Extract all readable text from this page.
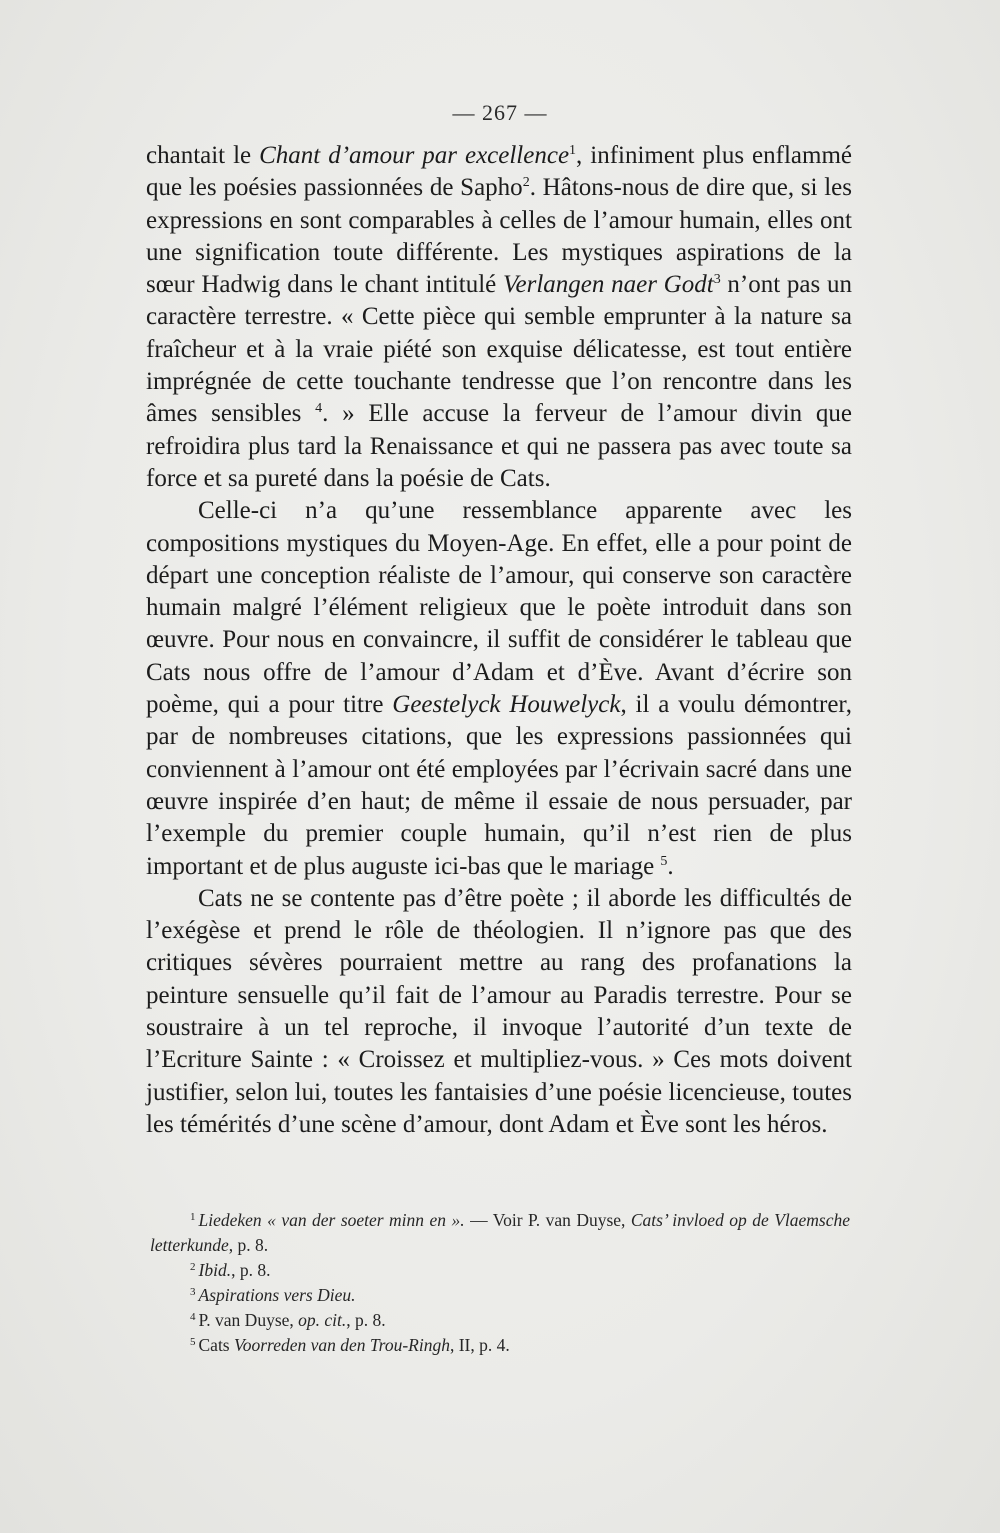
— 267 —

chantait le Chant d’amour par excellence$^1$, infiniment plus enflammé que les poésies passionnées de Sapho$^2$. Hâtons-nous de dire que, si les expressions en sont comparables à celles de l’amour humain, elles ont une signification toute différente. Les mystiques aspirations de la sœur Hadwig dans le chant intitulé Verlangen naer Godt$^3$ n’ont pas un caractère terrestre. « Cette pièce qui semble emprunter à la nature sa fraîcheur et à la vraie piété son exquise délicatesse, est tout entière imprégnée de cette touchante tendresse que l’on rencontre dans les âmes sensibles $^4$. » Elle accuse la ferveur de l’amour divin que refroidira plus tard la Renaissance et qui ne passera pas avec toute sa force et sa pureté dans la poésie de Cats.

Celle-ci n’a qu’une ressemblance apparente avec les compositions mystiques du Moyen-Age. En effet, elle a pour point de départ une conception réaliste de l’amour, qui conserve son caractère humain malgré l’élément religieux que le poète introduit dans son œuvre. Pour nous en convaincre, il suffit de considérer le tableau que Cats nous offre de l’amour d’Adam et d’Ève. Avant d’écrire son poème, qui a pour titre Geestelyck Houwelyck, il a voulu démontrer, par de nombreuses citations, que les expressions passionnées qui conviennent à l’amour ont été employées par l’écrivain sacré dans une œuvre inspirée d’en haut; de même il essaie de nous persuader, par l’exemple du premier couple humain, qu’il n’est rien de plus important et de plus auguste ici-bas que le mariage $^5$.

Cats ne se contente pas d’être poète ; il aborde les difficultés de l’exégèse et prend le rôle de théologien. Il n’ignore pas que des critiques sévères pourraient mettre au rang des profanations la peinture sensuelle qu’il fait de l’amour au Paradis terrestre. Pour se soustraire à un tel reproche, il invoque l’autorité d’un texte de l’Ecriture Sainte : « Croissez et multipliez-vous. » Ces mots doivent justifier, selon lui, toutes les fantaisies d’une poésie licencieuse, toutes les témérités d’une scène d’amour, dont Adam et Ève sont les héros.

$^1$ Liedeken « van der soeter minn en ». — Voir P. van Duyse, Cats’ invloed op de Vlaemsche letterkunde, p. 8.

$^2$ Ibid., p. 8.

$^3$ Aspirations vers Dieu.

$^4$ P. van Duyse, op. cit., p. 8.

$^5$ Cats Voorreden van den Trou-Ringh, II, p. 4.
